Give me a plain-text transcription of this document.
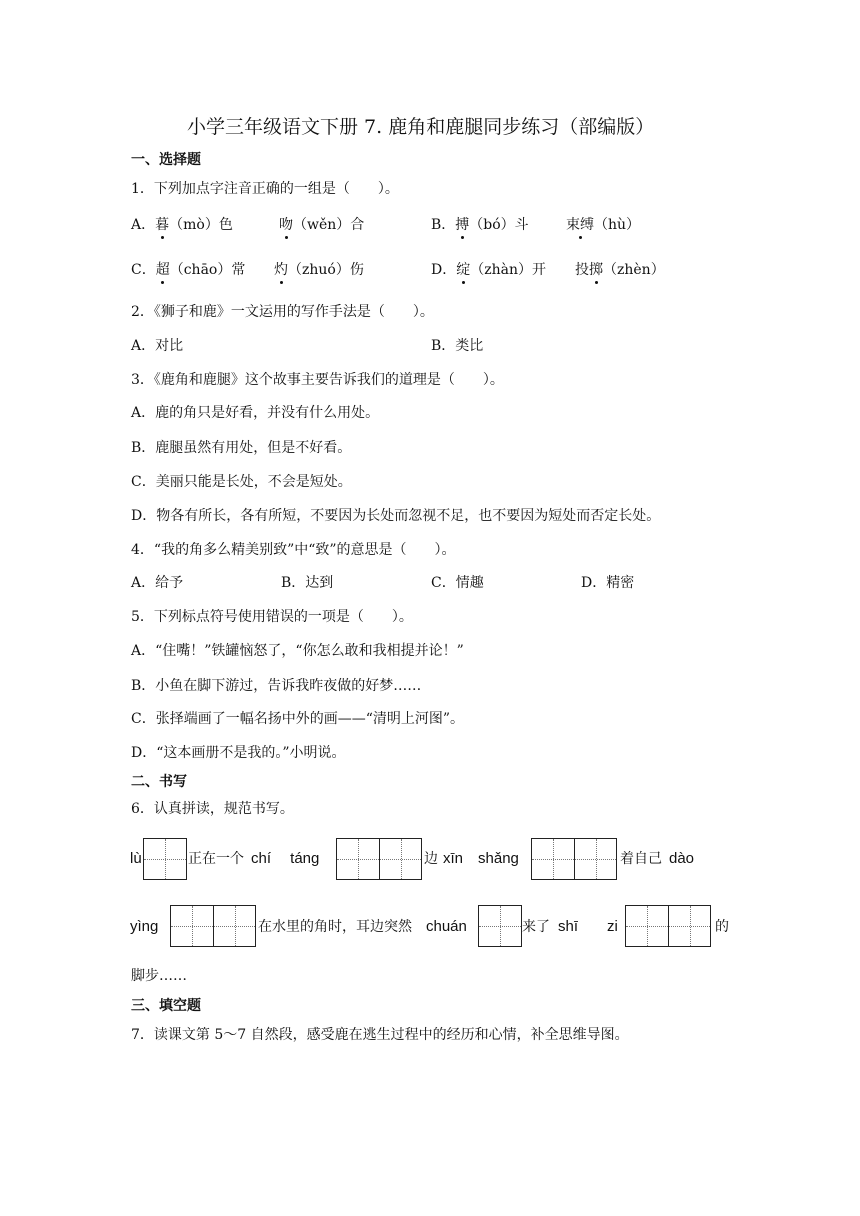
小学三年级语文下册 7. 鹿角和鹿腿同步练习（部编版）
一、选择题
1．下列加点字注音正确的一组是（　　）。
A．暮（mò）色	吻（wěn）合	B．搏（bó）斗	束缚（hù）
C．超（chāo）常 灼（zhuó）伤	D．绽（zhàn）开 投掷（zhèn）
2．《狮子和鹿》一文运用的写作手法是（　　）。
A．对比	B．类比
3．《鹿角和鹿腿》这个故事主要告诉我们的道理是（　　）。
A．鹿的角只是好看，并没有什么用处。
B．鹿腿虽然有用处，但是不好看。
C．美丽只能是长处，不会是短处。
D．物各有所长，各有所短，不要因为长处而忽视不足，也不要因为短处而否定长处。
4．“我的角多么精美别致”中“致”的意思是（　　）。
A．给予	B．达到	C．情趣	D．精密
5．下列标点符号使用错误的一项是（　　）。
A．“住嘴！”铁罐恼怒了，“你怎么敢和我相提并论！”
B．小鱼在脚下游过，告诉我昨夜做的好梦……
C．张择端画了一幅名扬中外的画——“清明上河图”。
D．“这本画册不是我的。”小明说。
二、书写
6．认真拼读，规范书写。
lù	正在一个 chí　 táng	边 xīn　shǎng	着自己 dào
yìng	在水里的角时，耳边突然 chuán	来了 shī zi	的
脚步……
三、填空题
7．读课文第 5～7 自然段，感受鹿在逃生过程中的经历和心情，补全思维导图。
